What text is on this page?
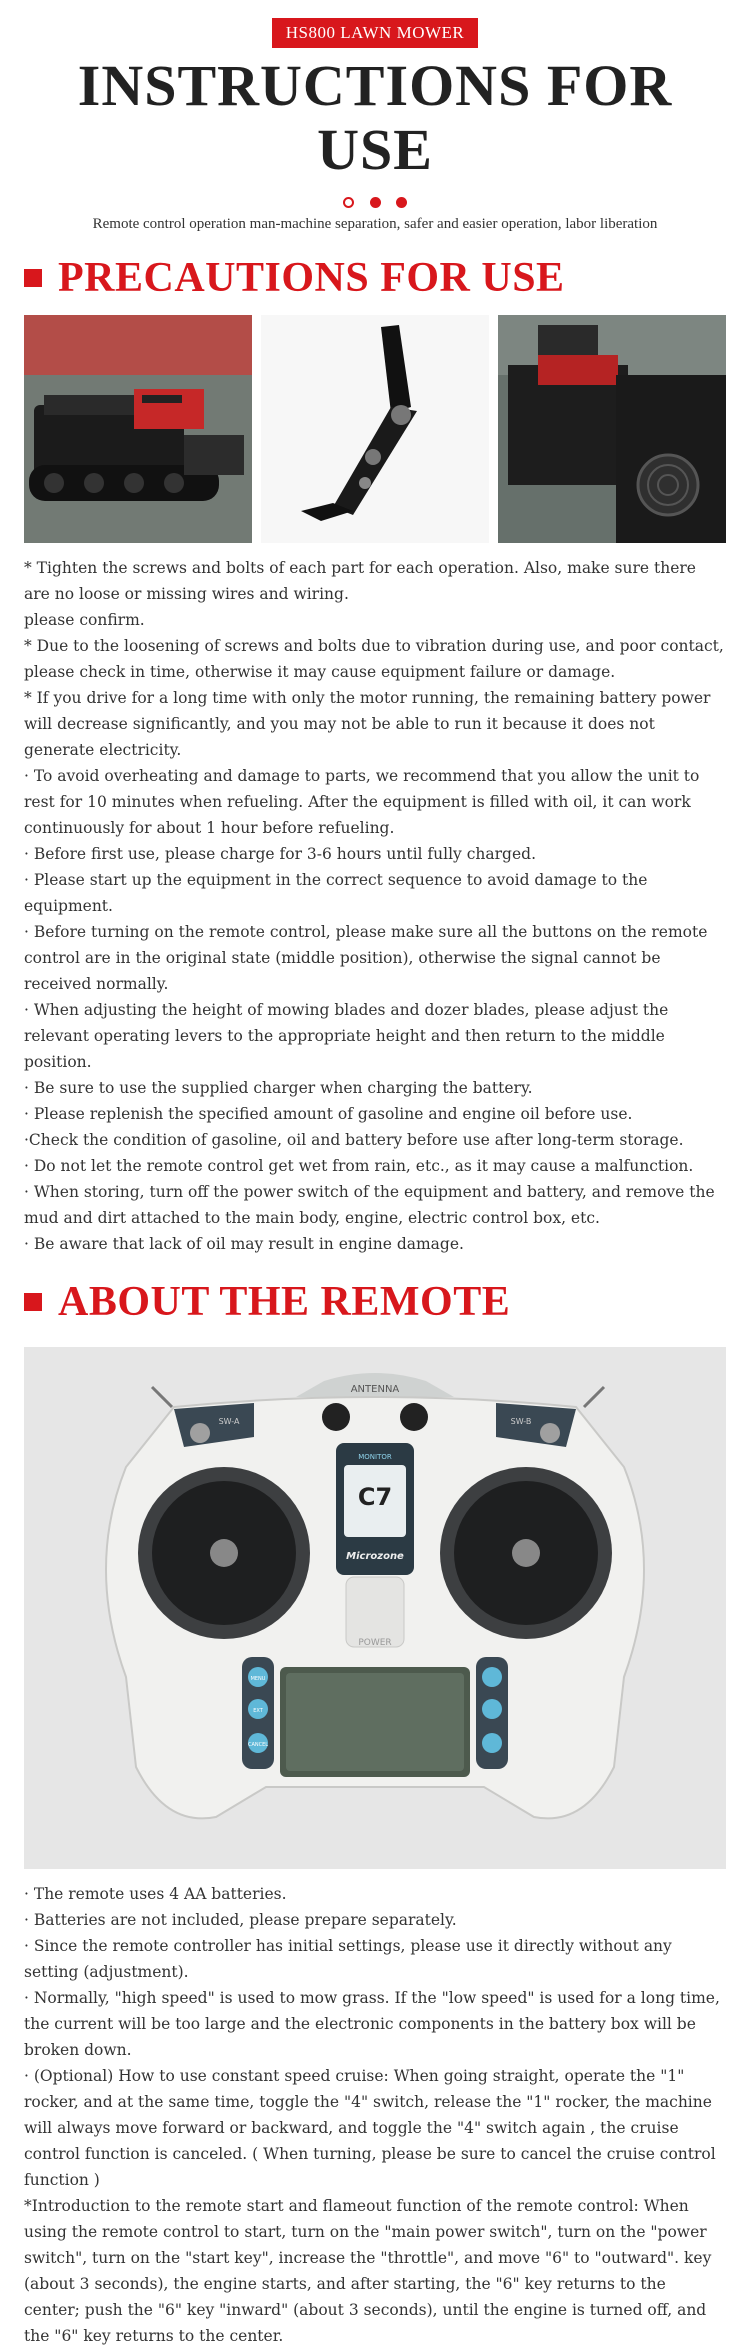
HS800 LAWN MOWER
INSTRUCTIONS FOR USE

Remote control operation man-machine separation, safer and easier operation, labor liberation
PRECAUTIONS FOR USE

* Tighten the screws and bolts of each part for each operation. Also, make sure there are no loose or missing wires and wiring.

please confirm.

* Due to the loosening of screws and bolts due to vibration during use, and poor contact, please check in time, otherwise it may cause equipment failure or damage.

* If you drive for a long time with only the motor running, the remaining battery power will decrease significantly, and you may not be able to run it because it does not generate electricity.

· To avoid overheating and damage to parts, we recommend that you allow the unit to rest for 10 minutes when refueling. After the equipment is filled with oil, it can work continuously for about 1 hour before refueling.

· Before first use, please charge for 3-6 hours until fully charged.

· Please start up the equipment in the correct sequence to avoid damage to the equipment.

· Before turning on the remote control, please make sure all the buttons on the remote control are in the original state (middle position), otherwise the signal cannot be received normally.

· When adjusting the height of mowing blades and dozer blades, please adjust the relevant operating levers to the appropriate height and then return to the middle position.

· Be sure to use the supplied charger when charging the battery.

· Please replenish the specified amount of gasoline and engine oil before use.

·Check the condition of gasoline, oil and battery before use after long-term storage.

· Do not let the remote control get wet from rain, etc., as it may cause a malfunction.

· When storing, turn off the power switch of the equipment and battery, and remove the mud and dirt attached to the main body, engine, electric control box, etc.

· Be aware that lack of oil may result in engine damage.

ABOUT THE REMOTE
ANTENNA
SW-A	SW-B
MONITOR
C7
Microzone
POWER
MENU
EXT
CANCEL

· The remote uses 4 AA batteries.

· Batteries are not included, please prepare separately.

· Since the remote controller has initial settings, please use it directly without any setting (adjustment).

· Normally, "high speed" is used to mow grass. If the "low speed" is used for a long time, the current will be too large and the electronic components in the battery box will be broken down.

· (Optional) How to use constant speed cruise: When going straight, operate the "1" rocker, and at the same time, toggle the "4" switch, release the "1" rocker, the machine will always move forward or backward, and toggle the "4" switch again , the cruise control function is canceled. ( When turning, please be sure to cancel the cruise control function )

*Introduction to the remote start and flameout function of the remote control: When using the remote control to start, turn on the "main power switch", turn on the "power switch", turn on the "start key", increase the "throttle", and move "6" to "outward". key (about 3 seconds), the engine starts, and after starting, the "6" key returns to the center; push the "6" key "inward" (about 3 seconds), until the engine is turned off, and the "6" key returns to the center.
